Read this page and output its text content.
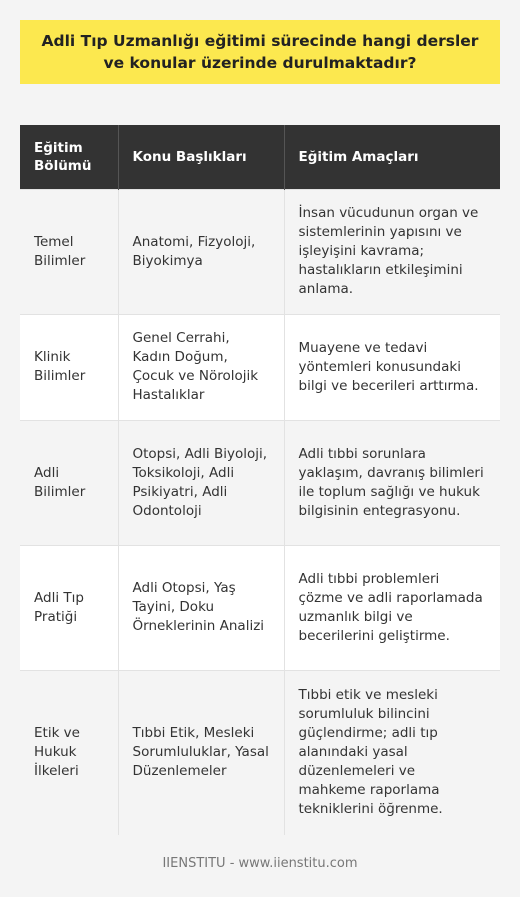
Adli Tıp Uzmanlığı eğitimi sürecinde hangi dersler ve konular üzerinde durulmaktadır?
Eğitim Bölümü	Konu Başlıkları	Eğitim Amaçları
Temel Bilimler	Anatomi, Fizyoloji, Biyokimya	İnsan vücudunun organ ve sistemlerinin yapısını ve işleyişini kavrama; hastalıkların etkileşimini anlama.
Klinik Bilimler	Genel Cerrahi, Kadın Doğum, Çocuk ve Nörolojik Hastalıklar	Muayene ve tedavi yöntemleri konusundaki bilgi ve becerileri arttırma.
Adli Bilimler	Otopsi, Adli Biyoloji, Toksikoloji, Adli Psikiyatri, Adli Odontoloji	Adli tıbbi sorunlara yaklaşım, davranış bilimleri ile toplum sağlığı ve hukuk bilgisinin entegrasyonu.
Adli Tıp Pratiği	Adli Otopsi, Yaş Tayini, Doku Örneklerinin Analizi	Adli tıbbi problemleri çözme ve adli raporlamada uzmanlık bilgi ve becerilerini geliştirme.
Etik ve Hukuk İlkeleri	Tıbbi Etik, Mesleki Sorumluluklar, Yasal Düzenlemeler	Tıbbi etik ve mesleki sorumluluk bilincini güçlendirme; adli tıp alanındaki yasal düzenlemeleri ve mahkeme raporlama tekniklerini öğrenme.
IIENSTITU - www.iienstitu.com
